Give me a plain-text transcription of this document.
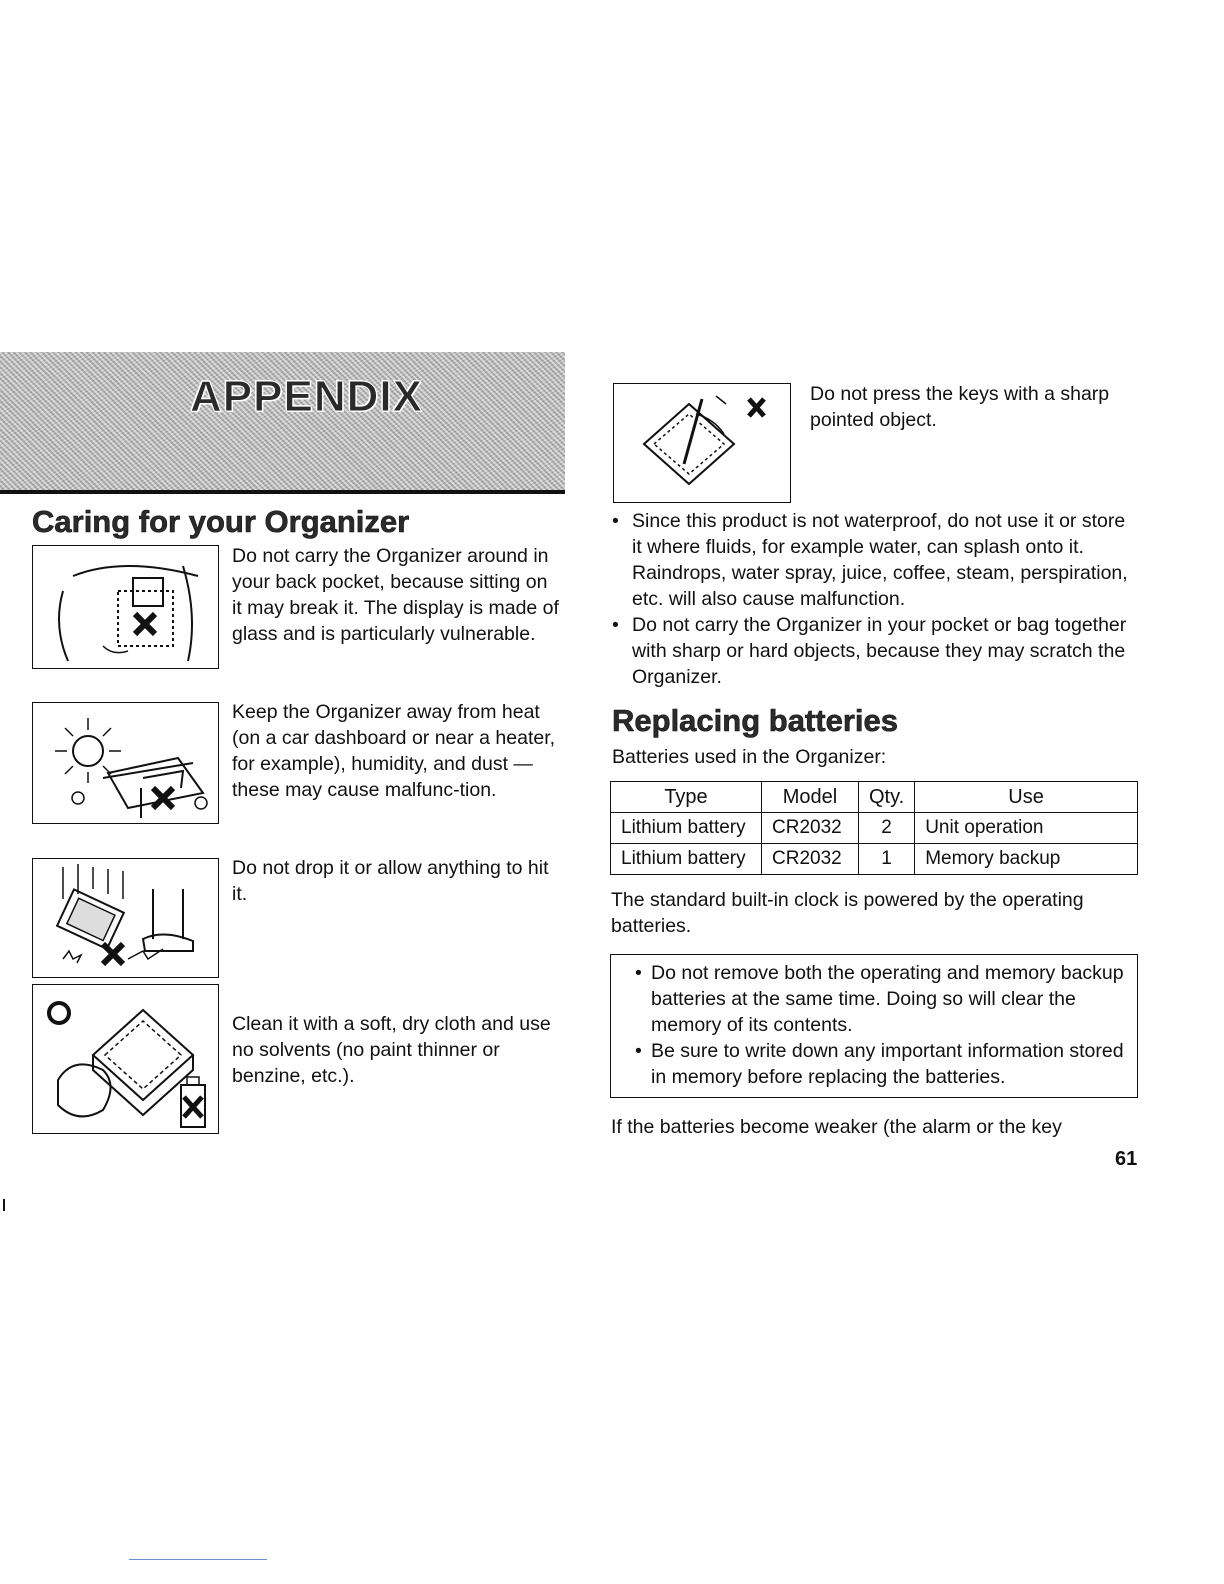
APPENDIX
Caring for your Organizer
Do not carry the Organizer around in your back pocket, because sitting on it may break it. The display is made of glass and is particularly vulnerable.
Keep the Organizer away from heat (on a car dashboard or near a heater, for example), humidity, and dust — these may cause malfunc-tion.
Do not drop it or allow anything to hit it.
Clean it with a soft, dry cloth and use no solvents (no paint thinner or benzine, etc.).
Do not press the keys with a sharp pointed object.
• Since this product is not waterproof, do not use it or store it where fluids, for example water, can splash onto it. Raindrops, water spray, juice, coffee, steam, perspiration, etc. will also cause malfunction.
• Do not carry the Organizer in your pocket or bag together with sharp or hard objects, because they may scratch the Organizer.
Replacing batteries
Batteries used in the Organizer:
Type	Model	Qty.	Use
Lithium battery	CR2032	2	Unit operation
Lithium battery	CR2032	1	Memory backup
The standard built-in clock is powered by the operating batteries.
• Do not remove both the operating and memory backup batteries at the same time. Doing so will clear the memory of its contents.
• Be sure to write down any important information stored in memory before replacing the batteries.
If the batteries become weaker (the alarm or the key
61
